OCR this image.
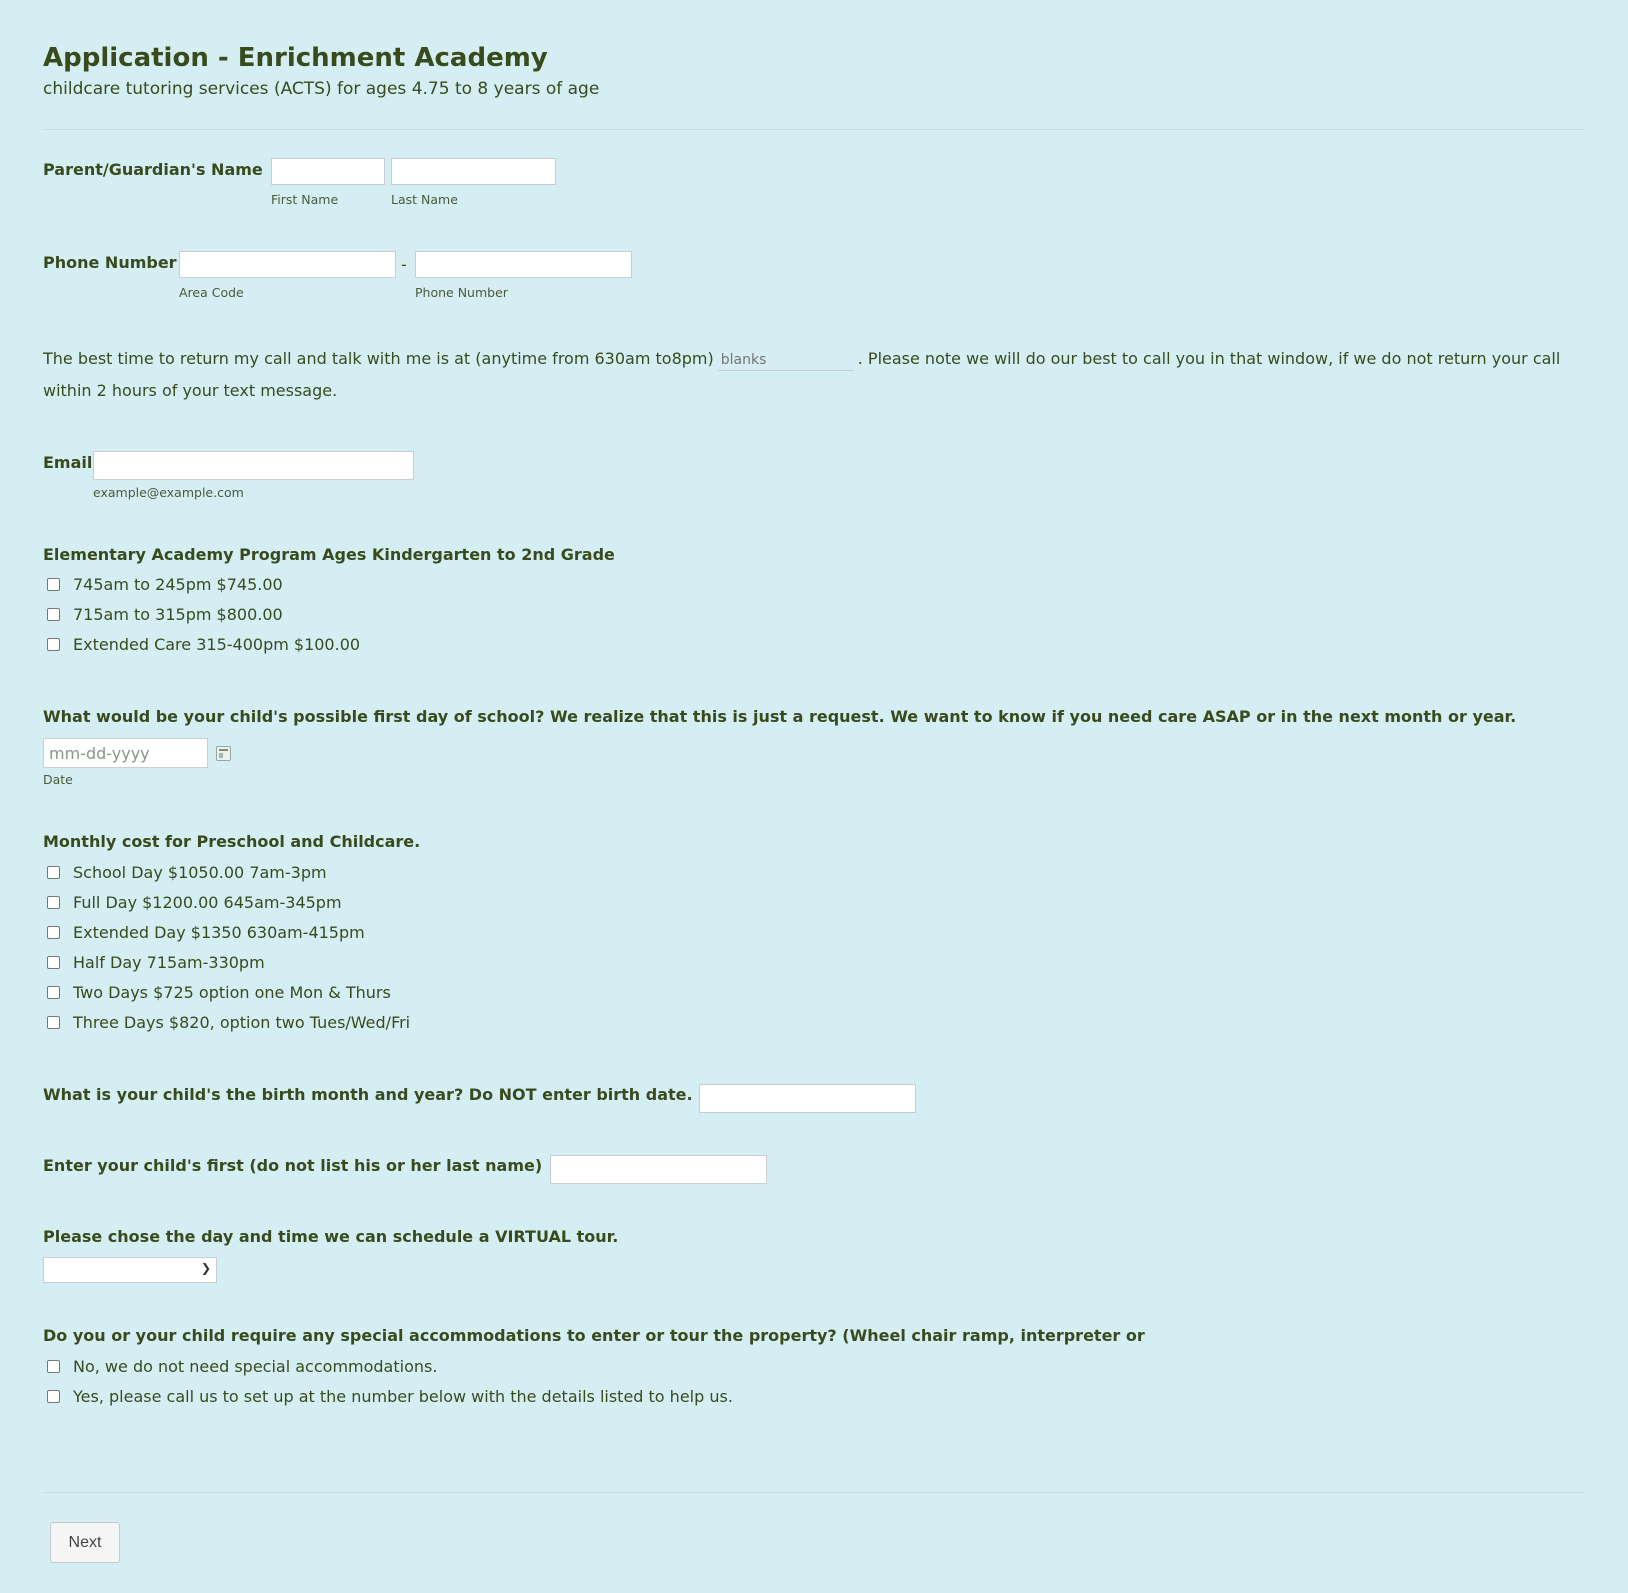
Application - Enrichment Academy
childcare tutoring services (ACTS) for ages 4.75 to 8 years of age
Parent/Guardian's Name
First Name	Last Name
Phone Number	-
Area Code	Phone Number
The best time to return my call and talk with me is at (anytime from 630am to8pm)blanks	. Please note we will do our best to call you in that window, if we do not return your call within 2 hours of your text message.
Email
example@example.com
Elementary Academy Program Ages Kindergarten to 2nd Grade
745am to 245pm $745.00
715am to 315pm $800.00
Extended Care 315-400pm $100.00
What would be your child's possible first day of school? We realize that this is just a request. We want to know if you need care ASAP or in the next month or year.
mm-dd-yyyy
Date
Monthly cost for Preschool and Childcare.
School Day $1050.00 7am-3pm
Full Day $1200.00 645am-345pm
Extended Day $1350 630am-415pm
Half Day 715am-330pm
Two Days $725 option one Mon & Thurs
Three Days $820, option two Tues/Wed/Fri
What is your child's the birth month and year? Do NOT enter birth date.
Enter your child's first (do not list his or her last name)
Please chose the day and time we can schedule a VIRTUAL tour.
❯
Do you or your child require any special accommodations to enter or tour the property? (Wheel chair ramp, interpreter or
No, we do not need special accommodations.
Yes, please call us to set up at the number below with the details listed to help us.
Next
